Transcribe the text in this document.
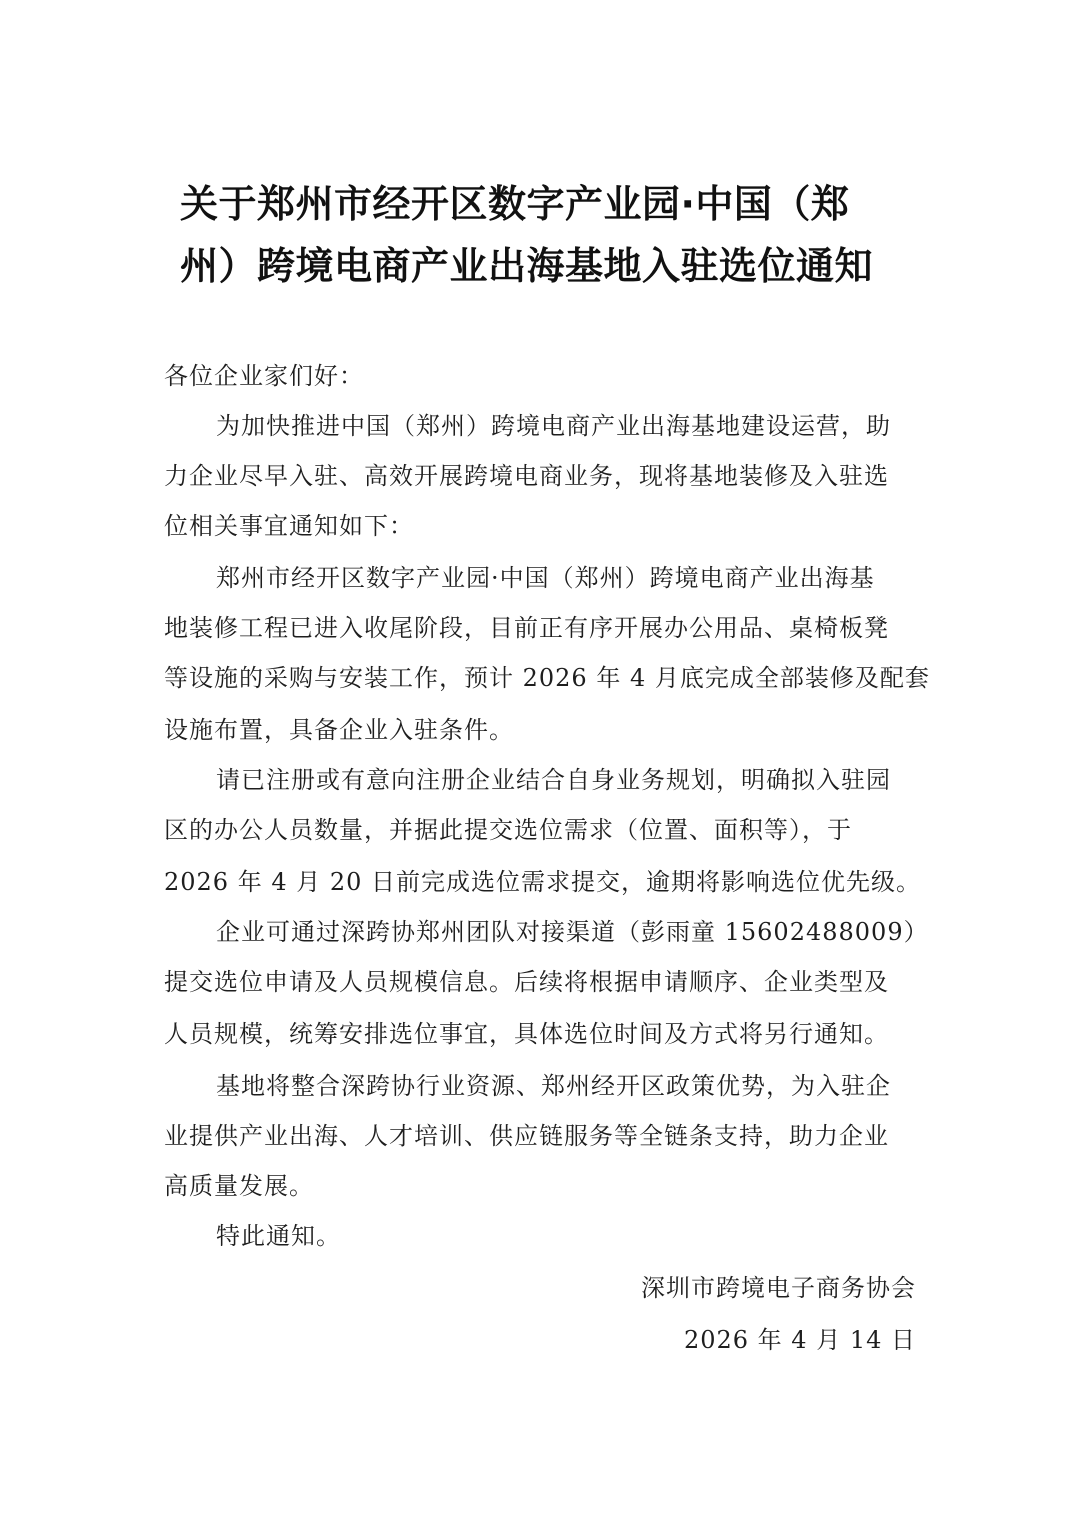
关于郑州市经开区数字产业园·中国（郑
州）跨境电商产业出海基地入驻选位通知
各位企业家们好：
为加快推进中国（郑州）跨境电商产业出海基地建设运营，助
力企业尽早入驻、高效开展跨境电商业务，现将基地装修及入驻选
位相关事宜通知如下：
郑州市经开区数字产业园·中国（郑州）跨境电商产业出海基
地装修工程已进入收尾阶段，目前正有序开展办公用品、桌椅板凳
等设施的采购与安装工作，预计 2026 年 4 月底完成全部装修及配套
设施布置，具备企业入驻条件。
请已注册或有意向注册企业结合自身业务规划，明确拟入驻园
区的办公人员数量，并据此提交选位需求（位置、面积等），于
2026 年 4 月 20 日前完成选位需求提交，逾期将影响选位优先级。
企业可通过深跨协郑州团队对接渠道（彭雨童 15602488009）
提交选位申请及人员规模信息。后续将根据申请顺序、企业类型及
人员规模，统筹安排选位事宜，具体选位时间及方式将另行通知。
基地将整合深跨协行业资源、郑州经开区政策优势，为入驻企
业提供产业出海、人才培训、供应链服务等全链条支持，助力企业
高质量发展。
特此通知。
深圳市跨境电子商务协会
2026 年 4 月 14 日
